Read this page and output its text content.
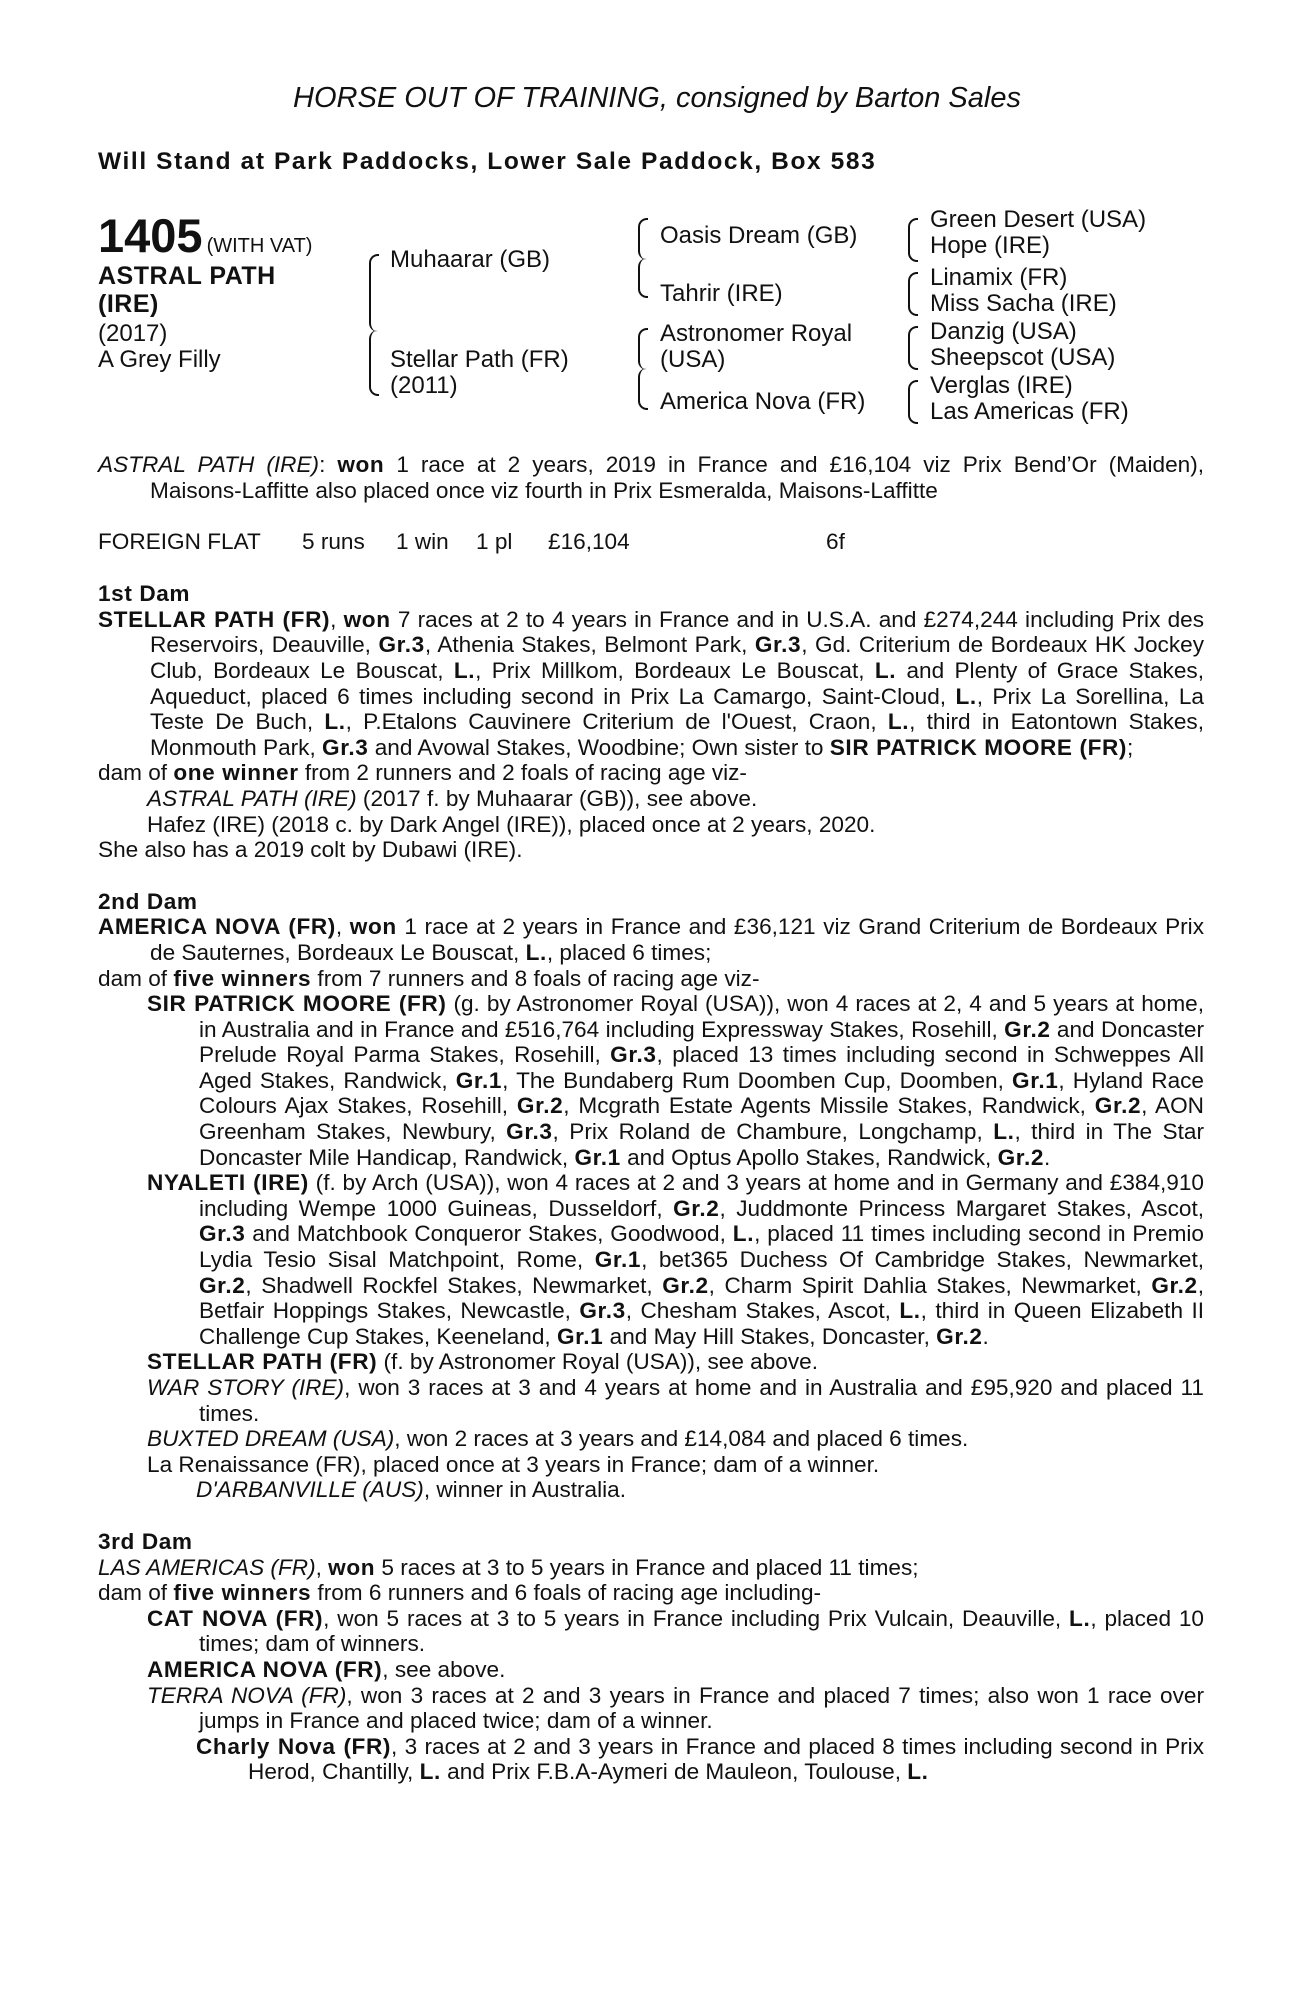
HORSE OUT OF TRAINING, consigned by Barton Sales
Will Stand at Park Paddocks, Lower Sale Paddock, Box 583
1405 (WITH VAT)
ASTRAL PATH
(IRE)
(2017)
A Grey Filly
Muhaarar (GB)
Stellar Path (FR)
(2011)
Oasis Dream (GB)
Tahrir (IRE)
Astronomer Royal
(USA)
America Nova (FR)
Green Desert (USA)
Hope (IRE)
Linamix (FR)
Miss Sacha (IRE)
Danzig (USA)
Sheepscot (USA)
Verglas (IRE)
Las Americas (FR)

ASTRAL PATH (IRE): won 1 race at 2 years, 2019 in France and £16,104 viz Prix Bend’Or (Maiden), Maisons-Laffitte also placed once viz fourth in Prix Esmeralda, Maisons-Laffitte

FOREIGN FLAT 5 runs 1 win 1 pl £16,104	6f

1st Dam

STELLAR PATH (FR), won 7 races at 2 to 4 years in France and in U.S.A. and £274,244 including Prix des Reservoirs, Deauville, Gr.3, Athenia Stakes, Belmont Park, Gr.3, Gd. Criterium de Bordeaux HK Jockey Club, Bordeaux Le Bouscat, L., Prix Millkom, Bordeaux Le Bouscat, L. and Plenty of Grace Stakes, Aqueduct, placed 6 times including second in Prix La Camargo, Saint-Cloud, L., Prix La Sorellina, La Teste De Buch, L., P.Etalons Cauvinere Criterium de l'Ouest, Craon, L., third in Eatontown Stakes, Monmouth Park, Gr.3 and Avowal Stakes, Woodbine; Own sister to SIR PATRICK MOORE (FR);

dam of one winner from 2 runners and 2 foals of racing age viz-

ASTRAL PATH (IRE) (2017 f. by Muhaarar (GB)), see above.

Hafez (IRE) (2018 c. by Dark Angel (IRE)), placed once at 2 years, 2020.

She also has a 2019 colt by Dubawi (IRE).

2nd Dam

AMERICA NOVA (FR), won 1 race at 2 years in France and £36,121 viz Grand Criterium de Bordeaux Prix de Sauternes, Bordeaux Le Bouscat, L., placed 6 times;

dam of five winners from 7 runners and 8 foals of racing age viz-

SIR PATRICK MOORE (FR) (g. by Astronomer Royal (USA)), won 4 races at 2, 4 and 5 years at home, in Australia and in France and £516,764 including Expressway Stakes, Rosehill, Gr.2 and Doncaster Prelude Royal Parma Stakes, Rosehill, Gr.3, placed 13 times including second in Schweppes All Aged Stakes, Randwick, Gr.1, The Bundaberg Rum Doomben Cup, Doomben, Gr.1, Hyland Race Colours Ajax Stakes, Rosehill, Gr.2, Mcgrath Estate Agents Missile Stakes, Randwick, Gr.2, AON Greenham Stakes, Newbury, Gr.3, Prix Roland de Chambure, Longchamp, L., third in The Star Doncaster Mile Handicap, Randwick, Gr.1 and Optus Apollo Stakes, Randwick, Gr.2.

NYALETI (IRE) (f. by Arch (USA)), won 4 races at 2 and 3 years at home and in Germany and £384,910 including Wempe 1000 Guineas, Dusseldorf, Gr.2, Juddmonte Princess Margaret Stakes, Ascot, Gr.3 and Matchbook Conqueror Stakes, Goodwood, L., placed 11 times including second in Premio Lydia Tesio Sisal Matchpoint, Rome, Gr.1, bet365 Duchess Of Cambridge Stakes, Newmarket, Gr.2, Shadwell Rockfel Stakes, Newmarket, Gr.2, Charm Spirit Dahlia Stakes, Newmarket, Gr.2, Betfair Hoppings Stakes, Newcastle, Gr.3, Chesham Stakes, Ascot, L., third in Queen Elizabeth II Challenge Cup Stakes, Keeneland, Gr.1 and May Hill Stakes, Doncaster, Gr.2.

STELLAR PATH (FR) (f. by Astronomer Royal (USA)), see above.

WAR STORY (IRE), won 3 races at 3 and 4 years at home and in Australia and £95,920 and placed 11 times.

BUXTED DREAM (USA), won 2 races at 3 years and £14,084 and placed 6 times.

La Renaissance (FR), placed once at 3 years in France; dam of a winner.

D'ARBANVILLE (AUS), winner in Australia.

3rd Dam

LAS AMERICAS (FR), won 5 races at 3 to 5 years in France and placed 11 times;

dam of five winners from 6 runners and 6 foals of racing age including-

CAT NOVA (FR), won 5 races at 3 to 5 years in France including Prix Vulcain, Deauville, L., placed 10 times; dam of winners.

AMERICA NOVA (FR), see above.

TERRA NOVA (FR), won 3 races at 2 and 3 years in France and placed 7 times; also won 1 race over jumps in France and placed twice; dam of a winner.

Charly Nova (FR), 3 races at 2 and 3 years in France and placed 8 times including second in Prix Herod, Chantilly, L. and Prix F.B.A-Aymeri de Mauleon, Toulouse, L.
